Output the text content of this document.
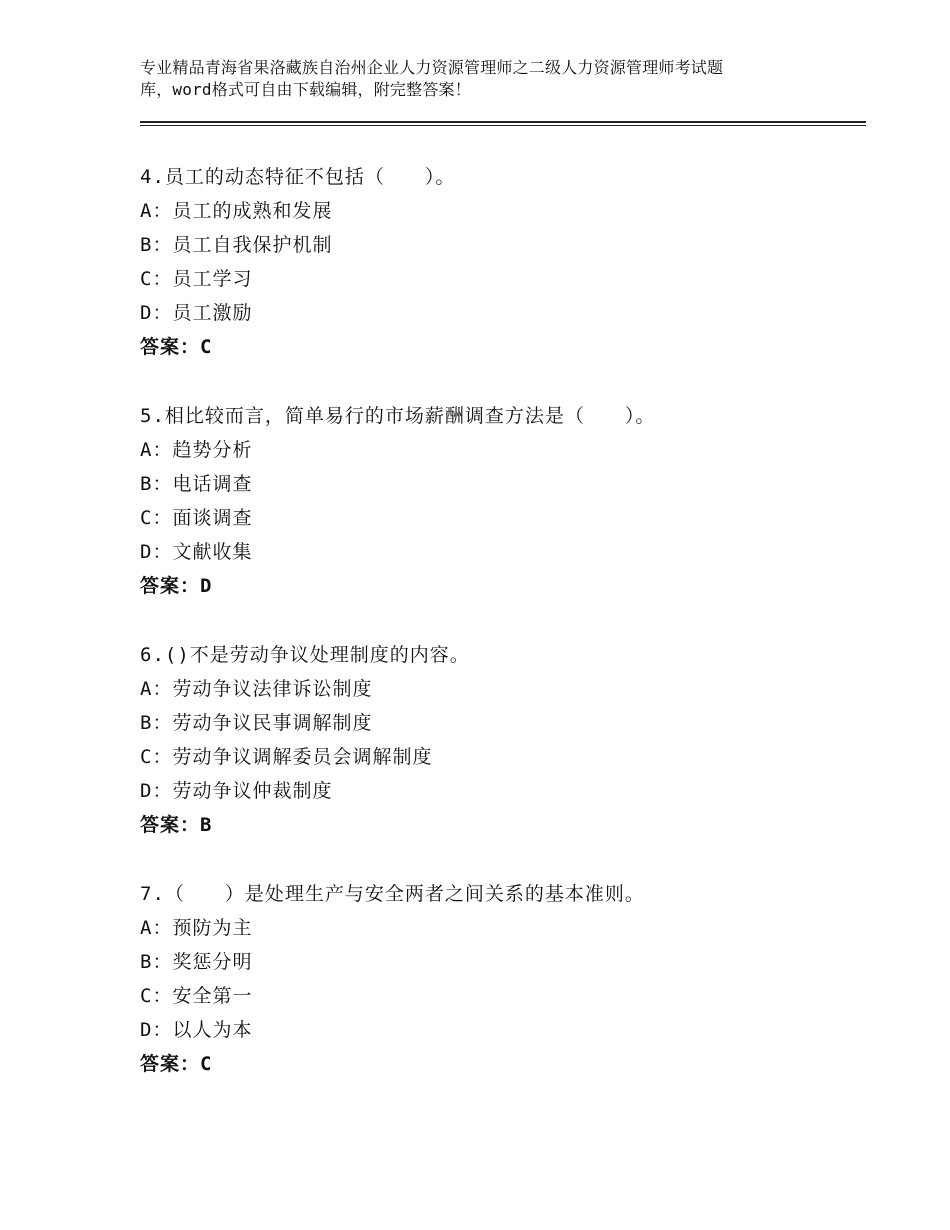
专业精品青海省果洛藏族自治州企业人力资源管理师之二级人力资源管理师考试题
库，word格式可自由下载编辑，附完整答案！
4.员工的动态特征不包括（　　）。
A：员工的成熟和发展
B：员工自我保护机制
C：员工学习
D：员工激励
答案：C
5.相比较而言，简单易行的市场薪酬调查方法是（　　）。
A：趋势分析
B：电话调查
C：面谈调查
D：文献收集
答案：D
6.()不是劳动争议处理制度的内容。
A：劳动争议法律诉讼制度
B：劳动争议民事调解制度
C：劳动争议调解委员会调解制度
D：劳动争议仲裁制度
答案：B
7.（　　）是处理生产与安全两者之间关系的基本准则。
A：预防为主
B：奖惩分明
C：安全第一
D：以人为本
答案：C
